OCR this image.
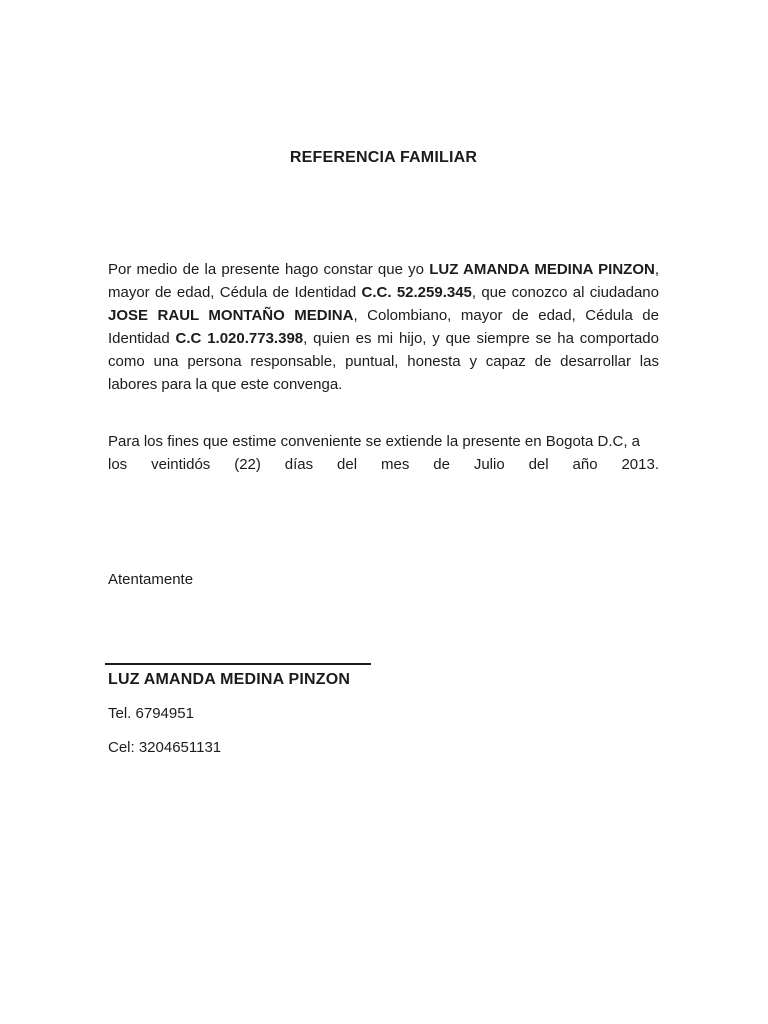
REFERENCIA FAMILIAR

Por medio de la presente hago constar que yo LUZ AMANDA MEDINA PINZON, mayor de edad, Cédula de Identidad C.C. 52.259.345, que conozco al ciudadano JOSE RAUL MONTAÑO MEDINA, Colombiano, mayor de edad, Cédula de Identidad C.C 1.020.773.398, quien es mi hijo, y que siempre se ha comportado como una persona responsable, puntual, honesta y capaz de desarrollar las labores para la que este convenga.

Para los fines que estime conveniente se extiende la presente en Bogota D.C, a
los veintidós (22) días del mes de Julio del año 2013.
Atentamente
LUZ AMANDA MEDINA PINZON
Tel. 6794951
Cel: 3204651131
